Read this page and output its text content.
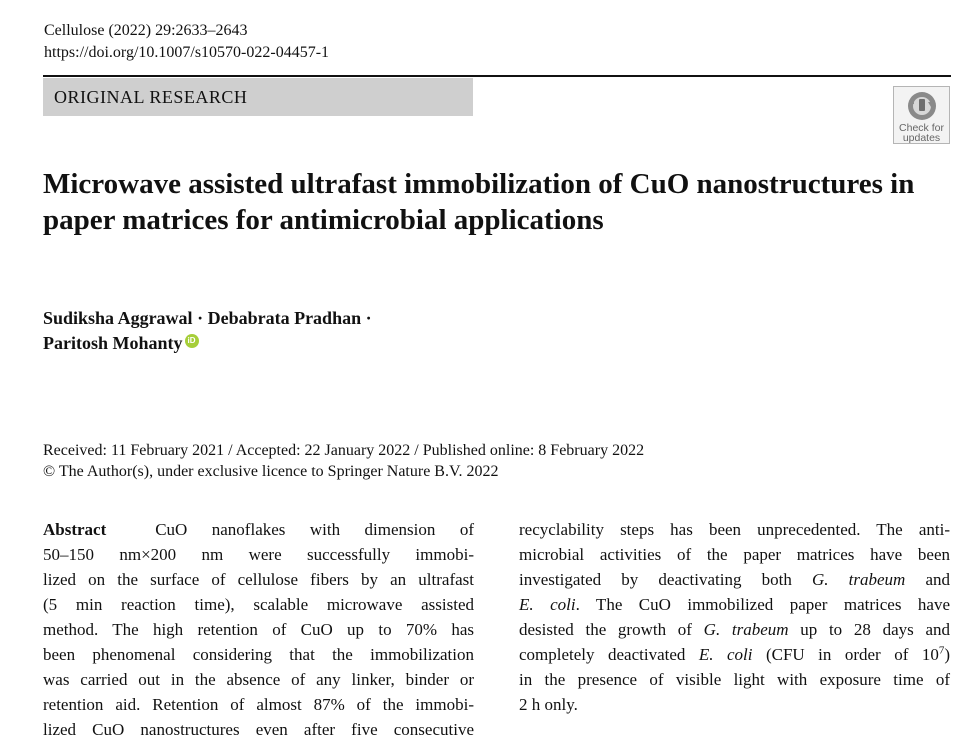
Cellulose (2022) 29:2633–2643
https://doi.org/10.1007/s10570-022-04457-1
ORIGINAL RESEARCH
Check for
updates
Microwave assisted ultrafast immobilization of CuO nanostructures in paper matrices for antimicrobial applications
Sudiksha Aggrawal · Debabrata Pradhan ·
Paritosh Mohanty iD
Received: 11 February 2021 / Accepted: 22 January 2022 / Published online: 8 February 2022
© The Author(s), under exclusive licence to Springer Nature B.V. 2022
Abstract	CuO nanoflakes with dimension of
50–150 nm×200 nm were successfully immobi-
lized on the surface of cellulose fibers by an ultrafast
(5 min reaction time), scalable microwave assisted
method. The high retention of CuO up to 70% has
been phenomenal considering that the immobilization
was carried out in the absence of any linker, binder or
retention aid. Retention of almost 87% of the immobi-
lized CuO nanostructures even after five consecutive
recyclability steps has been unprecedented. The anti-
microbial activities of the paper matrices have been
investigated by deactivating both G. trabeum and
E. coli. The CuO immobilized paper matrices have
desisted the growth of G. trabeum up to 28 days and
completely deactivated E. coli (CFU in order of $10^7$)
in the presence of visible light with exposure time of
2 h only.
